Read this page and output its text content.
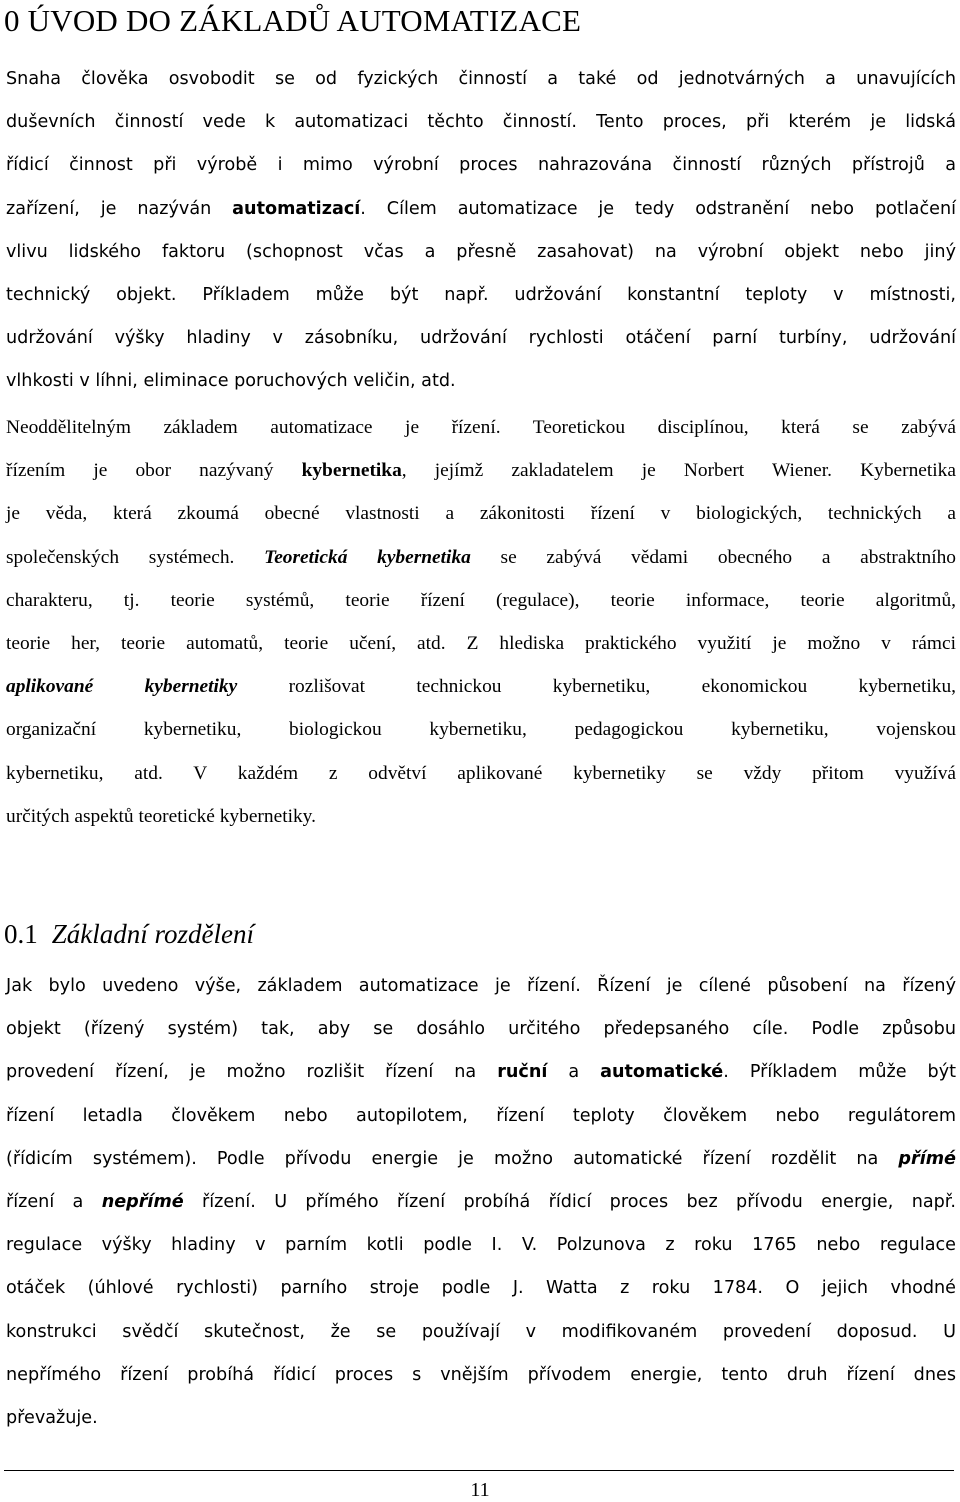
0 ÚVOD DO ZÁKLADŮ AUTOMATIZACE
Snaha člověka osvobodit se od fyzických činností a také od jednotvárných a unavujících
duševních činností vede k automatizaci těchto činností. Tento proces, při kterém je lidská
řídicí činnost při výrobě i mimo výrobní proces nahrazována činností různých přístrojů a
zařízení, je nazýván automatizací. Cílem automatizace je tedy odstranění nebo potlačení
vlivu lidského faktoru (schopnost včas a přesně zasahovat) na výrobní objekt nebo jiný
technický objekt. Příkladem může být např. udržování konstantní teploty v místnosti,
udržování výšky hladiny v zásobníku, udržování rychlosti otáčení parní turbíny, udržování
vlhkosti v líhni, eliminace poruchových veličin, atd.
Neoddělitelným základem automatizace je řízení. Teoretickou disciplínou, která se zabývá
řízením je obor nazývaný kybernetika, jejímž zakladatelem je Norbert Wiener. Kybernetika
je věda, která zkoumá obecné vlastnosti a zákonitosti řízení v biologických, technických a
společenských systémech. Teoretická kybernetika se zabývá vědami obecného a abstraktního
charakteru, tj. teorie systémů, teorie řízení (regulace), teorie informace, teorie algoritmů,
teorie her, teorie automatů, teorie učení, atd. Z hlediska praktického využití je možno v rámci
aplikované kybernetiky rozlišovat technickou kybernetiku, ekonomickou kybernetiku,
organizační kybernetiku, biologickou kybernetiku, pedagogickou kybernetiku, vojenskou
kybernetiku, atd. V každém z odvětví aplikované kybernetiky se vždy přitom využívá
určitých aspektů teoretické kybernetiky.
0.1 Základní rozdělení
Jak bylo uvedeno výše, základem automatizace je řízení. Řízení je cílené působení na řízený
objekt (řízený systém) tak, aby se dosáhlo určitého předepsaného cíle. Podle způsobu
provedení řízení, je možno rozlišit řízení na ruční a automatické. Příkladem může být
řízení letadla člověkem nebo autopilotem, řízení teploty člověkem nebo regulátorem
(řídicím systémem). Podle přívodu energie je možno automatické řízení rozdělit na přímé
řízení a nepřímé řízení. U přímého řízení probíhá řídicí proces bez přívodu energie, např.
regulace výšky hladiny v parním kotli podle I. V. Polzunova z roku 1765 nebo regulace
otáček (úhlové rychlosti) parního stroje podle J. Watta z roku 1784. O jejich vhodné
konstrukci svědčí skutečnost, že se používají v modifikovaném provedení doposud. U
nepřímého řízení probíhá řídicí proces s vnějším přívodem energie, tento druh řízení dnes
převažuje.
11
